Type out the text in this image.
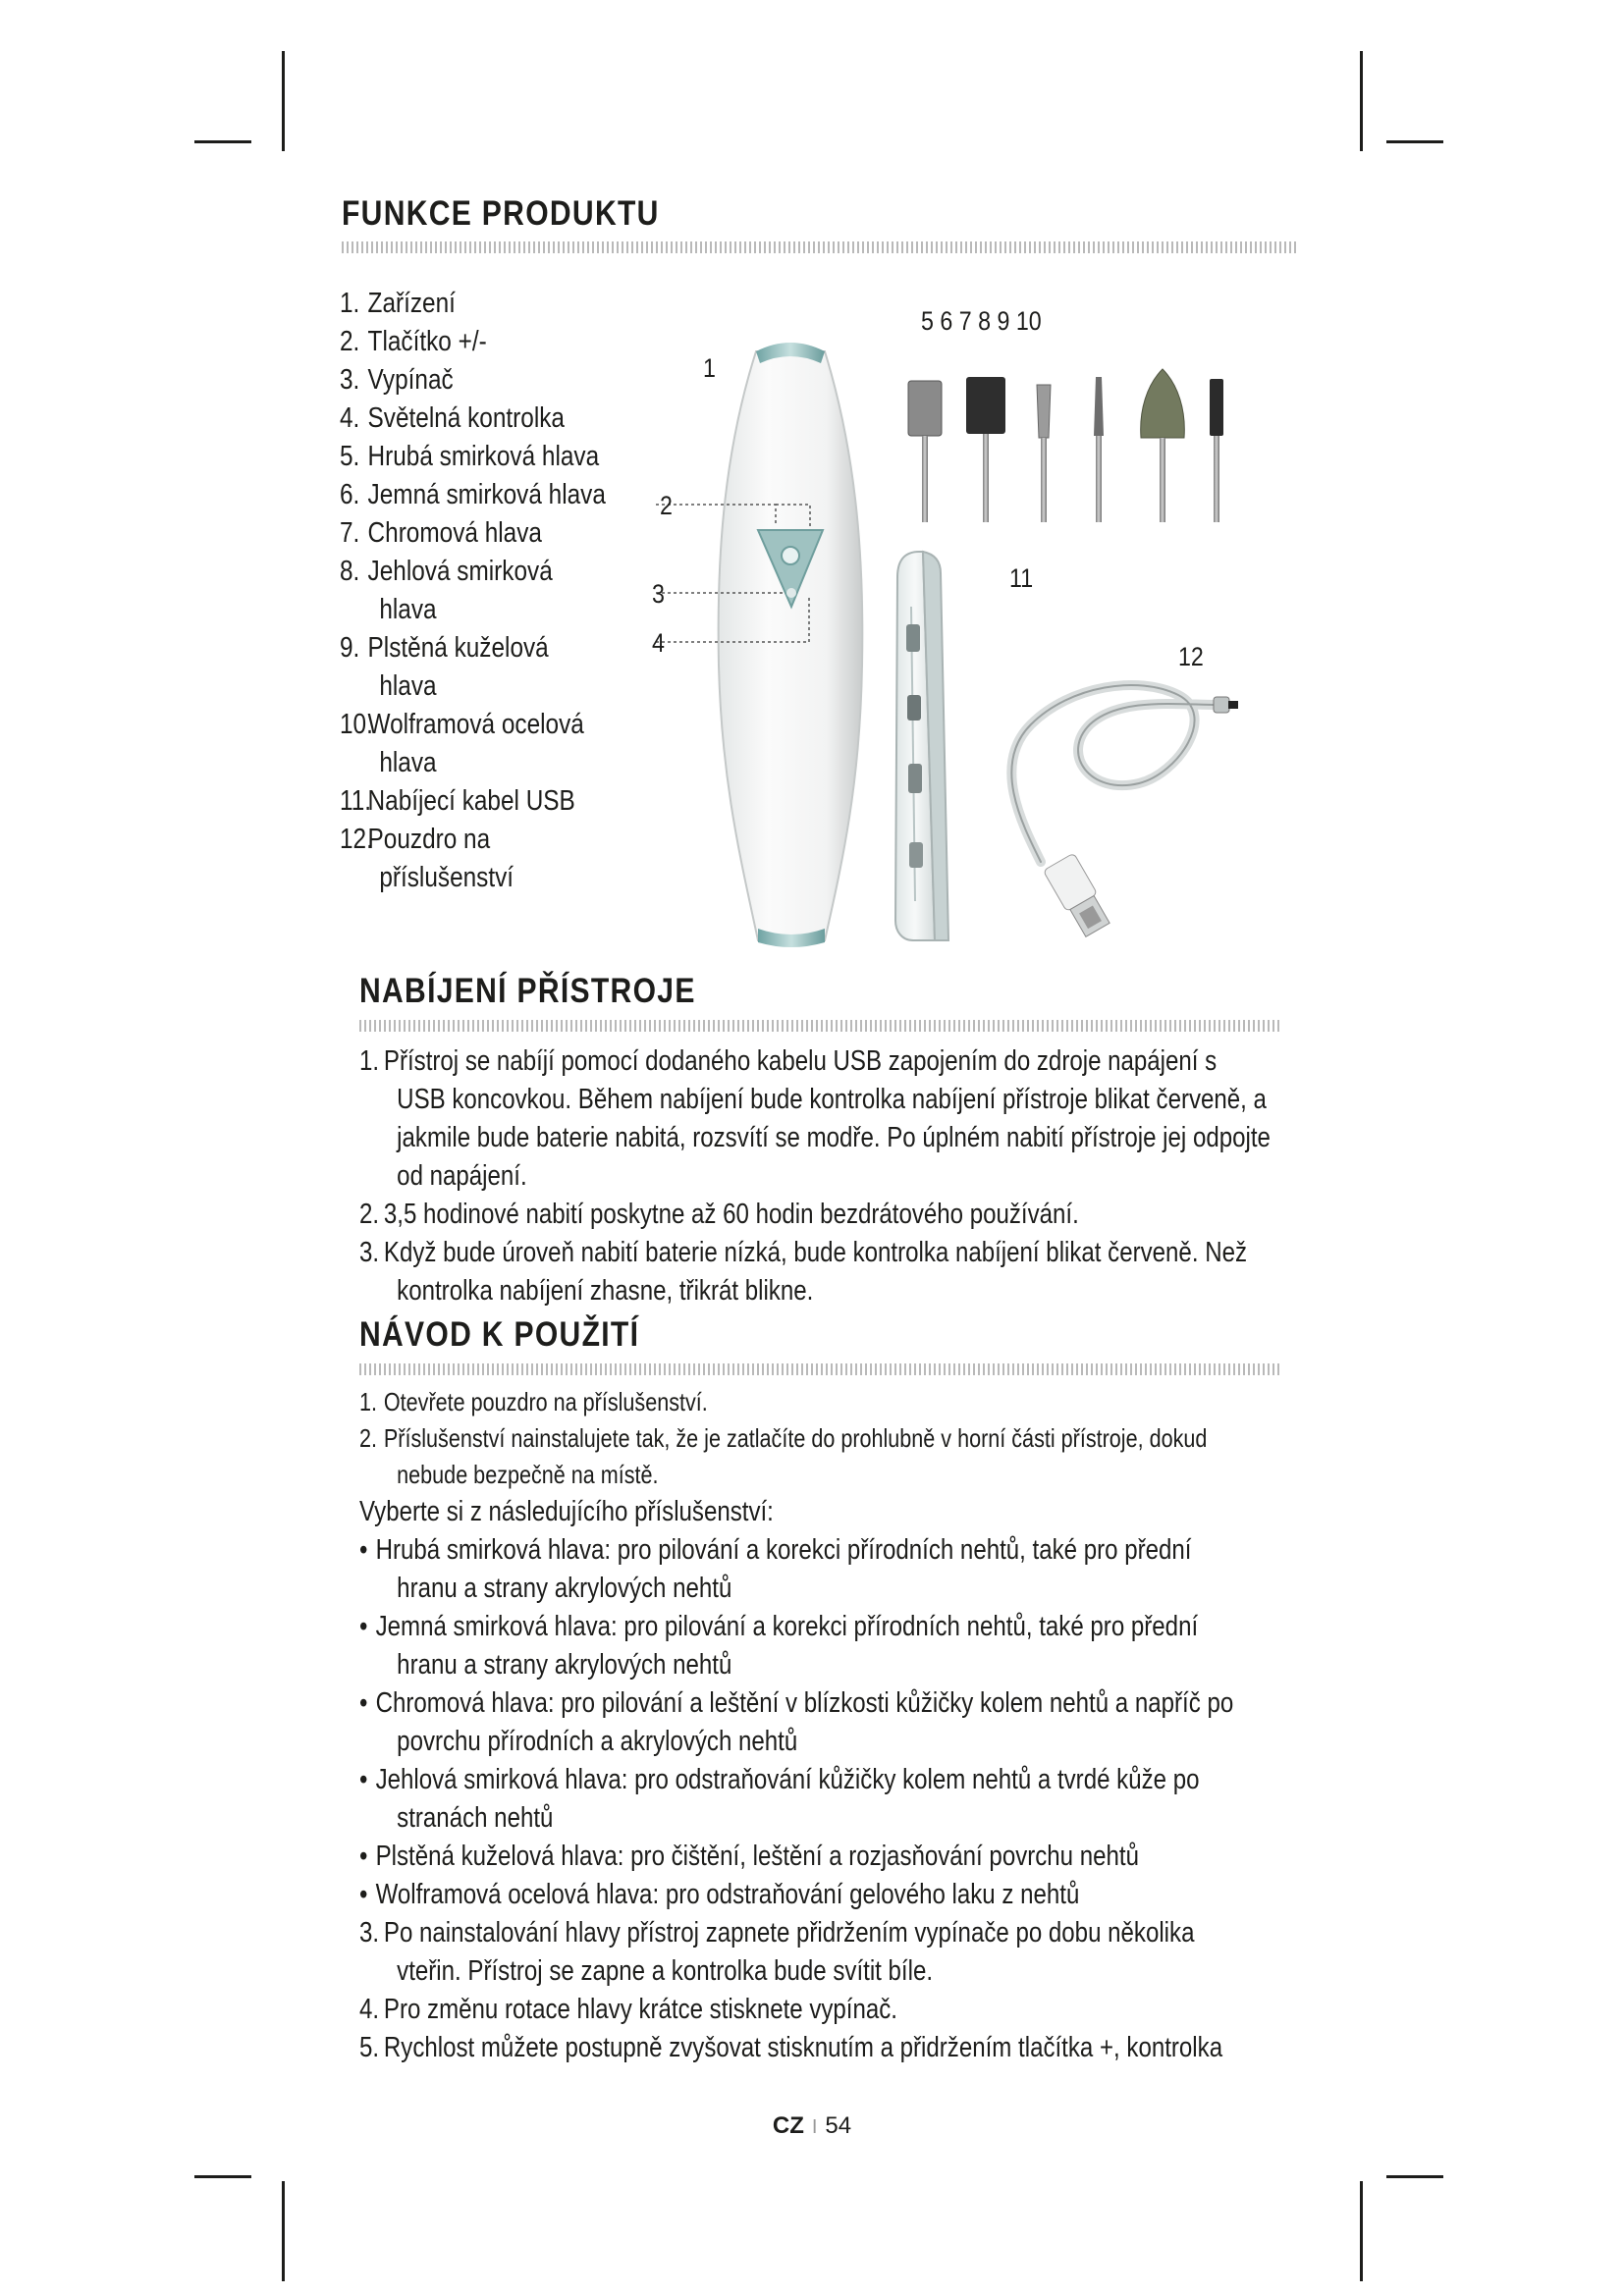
FUNKCE PRODUKTU
1. Zařízení
2. Tlačítko +/-
3. Vypínač
4. Světelná kontrolka
5. Hrubá smirková hlava
6. Jemná smirková hlava
7. Chromová hlava
8. Jehlová smirková
hlava
9. Plstěná kuželová
hlava
10.Wolframová ocelová
hlava
11.Nabíjecí kabel USB
12.Pouzdro na
příslušenství
1
2
3
4
5 6 7 8 9 10
11
12
NABÍJENÍ PŘÍSTROJE
1. Přístroj se nabíjí pomocí dodaného kabelu USB zapojením do zdroje napájení s
USB koncovkou. Během nabíjení bude kontrolka nabíjení přístroje blikat červeně, a
jakmile bude baterie nabitá, rozsvítí se modře. Po úplném nabití přístroje jej odpojte
od napájení.
2. 3,5 hodinové nabití poskytne až 60 hodin bezdrátového používání.
3. Když bude úroveň nabití baterie nízká, bude kontrolka nabíjení blikat červeně. Než
kontrolka nabíjení zhasne, třikrát blikne.
NÁVOD K POUŽITÍ
1. Otevřete pouzdro na příslušenství.
2. Příslušenství nainstalujete tak, že je zatlačíte do prohlubně v horní části přístroje, dokud
nebude bezpečně na místě.
Vyberte si z následujícího příslušenství:
• Hrubá smirková hlava: pro pilování a korekci přírodních nehtů, také pro přední
hranu a strany akrylových nehtů
• Jemná smirková hlava: pro pilování a korekci přírodních nehtů, také pro přední
hranu a strany akrylových nehtů
• Chromová hlava: pro pilování a leštění v blízkosti kůžičky kolem nehtů a napříč po
povrchu přírodních a akrylových nehtů
• Jehlová smirková hlava: pro odstraňování kůžičky kolem nehtů a tvrdé kůže po
stranách nehtů
• Plstěná kuželová hlava: pro čištění, leštění a rozjasňování povrchu nehtů
• Wolframová ocelová hlava: pro odstraňování gelového laku z nehtů
3. Po nainstalování hlavy přístroj zapnete přidržením vypínače po dobu několika
vteřin. Přístroj se zapne a kontrolka bude svítit bíle.
4. Pro změnu rotace hlavy krátce stisknete vypínač.
5. Rychlost můžete postupně zvyšovat stisknutím a přidržením tlačítka +, kontrolka
CZ I 54
